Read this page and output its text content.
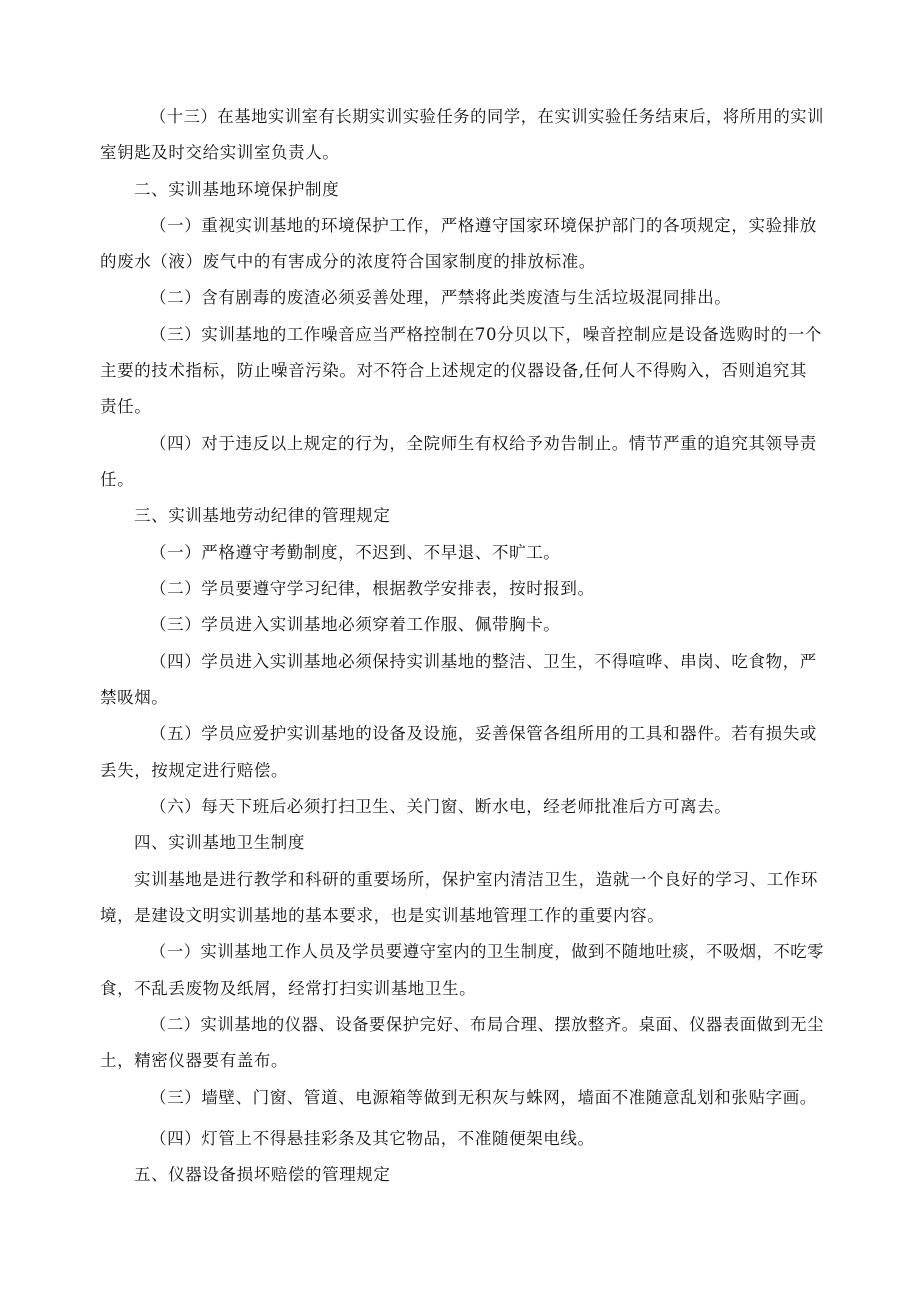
（十三）在基地实训室有长期实训实验任务的同学，在实训实验任务结束后，将所用的实训
室钥匙及时交给实训室负责人。
二、实训基地环境保护制度
（一）重视实训基地的环境保护工作，严格遵守国家环境保护部门的各项规定，实验排放
的废水（液）废气中的有害成分的浓度符合国家制度的排放标准。
（二）含有剧毒的废渣必须妥善处理，严禁将此类废渣与生活垃圾混同排出。
（三）实训基地的工作噪音应当严格控制在70分贝以下，噪音控制应是设备选购时的一个
主要的技术指标，防止噪音污染。对不符合上述规定的仪器设备,任何人不得购入，否则追究其
责任。
（四）对于违反以上规定的行为，全院师生有权给予劝告制止。情节严重的追究其领导责
任。
三、实训基地劳动纪律的管理规定
（一）严格遵守考勤制度，不迟到、不早退、不旷工。
（二）学员要遵守学习纪律，根据教学安排表，按时报到。
（三）学员进入实训基地必须穿着工作服、佩带胸卡。
（四）学员进入实训基地必须保持实训基地的整洁、卫生，不得喧哗、串岗、吃食物，严
禁吸烟。
（五）学员应爱护实训基地的设备及设施，妥善保管各组所用的工具和器件。若有损失或
丢失，按规定进行赔偿。
（六）每天下班后必须打扫卫生、关门窗、断水电，经老师批准后方可离去。
四、实训基地卫生制度
实训基地是进行教学和科研的重要场所，保护室内清洁卫生，造就一个良好的学习、工作环
境，是建设文明实训基地的基本要求，也是实训基地管理工作的重要内容。
（一）实训基地工作人员及学员要遵守室内的卫生制度，做到不随地吐痰，不吸烟，不吃零
食，不乱丢废物及纸屑，经常打扫实训基地卫生。
（二）实训基地的仪器、设备要保护完好、布局合理、摆放整齐。桌面、仪器表面做到无尘
土，精密仪器要有盖布。
（三）墙壁、门窗、管道、电源箱等做到无积灰与蛛网，墙面不准随意乱划和张贴字画。
（四）灯管上不得悬挂彩条及其它物品，不准随便架电线。
五、仪器设备损坏赔偿的管理规定
